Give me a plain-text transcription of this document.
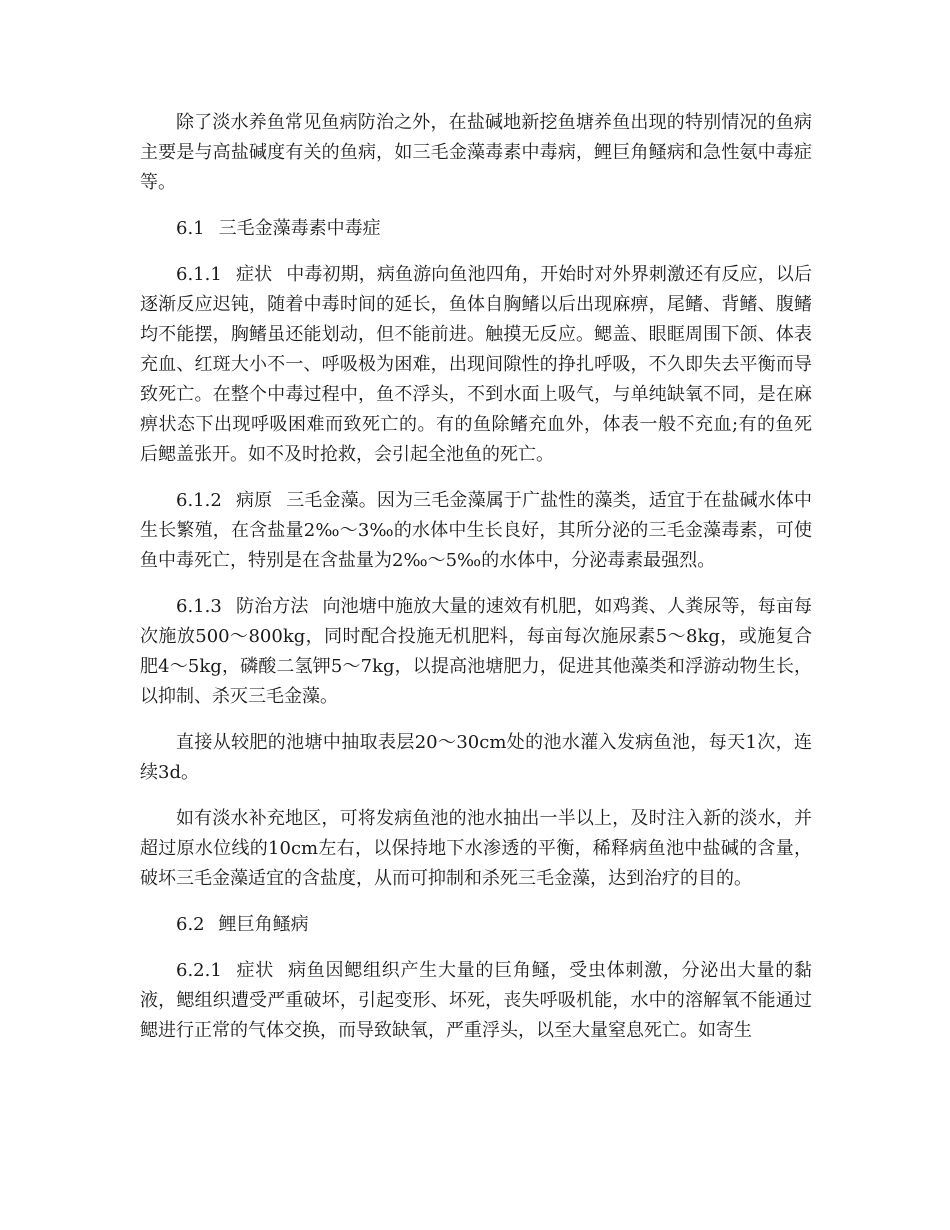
除了淡水养鱼常见鱼病防治之外，在盐碱地新挖鱼塘养鱼出现的特别情况的鱼病主要是与高盐碱度有关的鱼病，如三毛金藻毒素中毒病，鲤巨角鳋病和急性氨中毒症等。

6.1 三毛金藻毒素中毒症

6.1.1 症状 中毒初期，病鱼游向鱼池四角，开始时对外界刺激还有反应，以后逐渐反应迟钝，随着中毒时间的延长，鱼体自胸鳍以后出现麻痹，尾鳍、背鳍、腹鳍均不能摆，胸鳍虽还能划动，但不能前进。触摸无反应。鳃盖、眼眶周围下颌、体表充血、红斑大小不一、呼吸极为困难，出现间隙性的挣扎呼吸，不久即失去平衡而导致死亡。在整个中毒过程中，鱼不浮头，不到水面上吸气，与单纯缺氧不同，是在麻痹状态下出现呼吸困难而致死亡的。有的鱼除鳍充血外，体表一般不充血;有的鱼死后鳃盖张开。如不及时抢救，会引起全池鱼的死亡。

6.1.2 病原 三毛金藻。因为三毛金藻属于广盐性的藻类，适宜于在盐碱水体中生长繁殖，在含盐量2‰～3‰的水体中生长良好，其所分泌的三毛金藻毒素，可使鱼中毒死亡，特别是在含盐量为2‰～5‰的水体中，分泌毒素最强烈。

6.1.3 防治方法 向池塘中施放大量的速效有机肥，如鸡粪、人粪尿等，每亩每次施放500～800kg，同时配合投施无机肥料，每亩每次施尿素5～8kg，或施复合肥4～5kg，磷酸二氢钾5～7kg，以提高池塘肥力，促进其他藻类和浮游动物生长，以抑制、杀灭三毛金藻。

直接从较肥的池塘中抽取表层20～30cm处的池水灌入发病鱼池，每天1次，连续3d。

如有淡水补充地区，可将发病鱼池的池水抽出一半以上，及时注入新的淡水，并超过原水位线的10cm左右，以保持地下水渗透的平衡，稀释病鱼池中盐碱的含量，破坏三毛金藻适宜的含盐度，从而可抑制和杀死三毛金藻，达到治疗的目的。

6.2 鲤巨角鳋病

6.2.1 症状 病鱼因鳃组织产生大量的巨角鳋，受虫体刺激，分泌出大量的黏液，鳃组织遭受严重破坏，引起变形、坏死，丧失呼吸机能，水中的溶解氧不能通过鳃进行正常的气体交换，而导致缺氧，严重浮头，以至大量窒息死亡。如寄生
